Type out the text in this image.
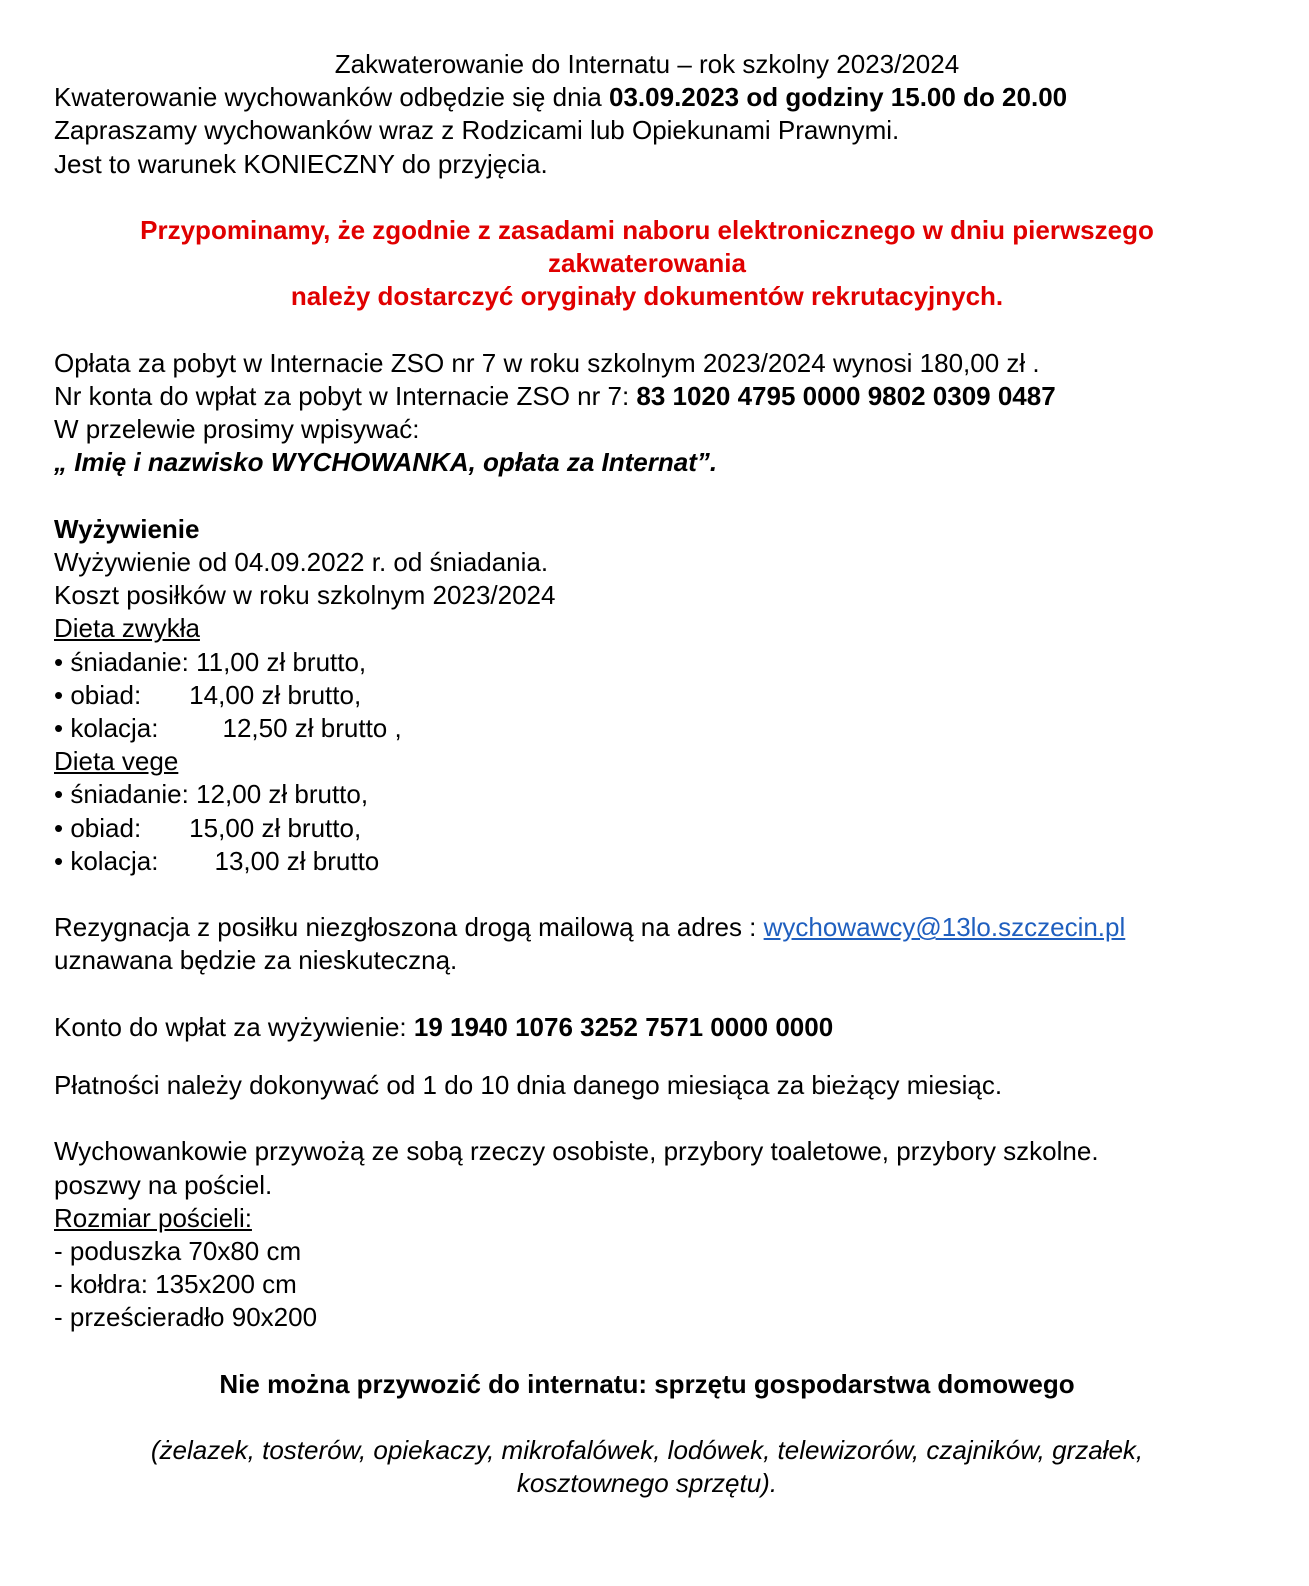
Zakwaterowanie do Internatu – rok szkolny 2023/2024
Kwaterowanie wychowanków odbędzie się dnia 03.09.2023 od godziny 15.00 do 20.00
Zapraszamy wychowanków wraz z Rodzicami lub Opiekunami Prawnymi.
Jest to warunek KONIECZNY do przyjęcia.
Przypominamy, że zgodnie z zasadami naboru elektronicznego w dniu pierwszego
zakwaterowania
należy dostarczyć oryginały dokumentów rekrutacyjnych.
Opłata za pobyt w Internacie ZSO nr 7 w roku szkolnym 2023/2024 wynosi 180,00 zł .
Nr konta do wpłat za pobyt w Internacie ZSO nr 7: 83 1020 4795 0000 9802 0309 0487
W przelewie prosimy wpisywać:
„ Imię i nazwisko WYCHOWANKA, opłata za Internat”.
Wyżywienie
Wyżywienie od 04.09.2022 r. od śniadania.
Koszt posiłków w roku szkolnym 2023/2024
Dieta zwykła
• śniadanie: 11,00 zł brutto,
• obiad: 14,00 zł brutto,
• kolacja: 12,50 zł brutto ,
Dieta vege
• śniadanie: 12,00 zł brutto,
• obiad: 15,00 zł brutto,
• kolacja: 13,00 zł brutto
Rezygnacja z posiłku niezgłoszona drogą mailową na adres : wychowawcy@13lo.szczecin.pl
uznawana będzie za nieskuteczną.
Konto do wpłat za wyżywienie: 19 1940 1076 3252 7571 0000 0000
Płatności należy dokonywać od 1 do 10 dnia danego miesiąca za bieżący miesiąc.
Wychowankowie przywożą ze sobą rzeczy osobiste, przybory toaletowe, przybory szkolne.
poszwy na pościel.
Rozmiar pościeli:
- poduszka 70x80 cm
- kołdra: 135x200 cm
- prześcieradło 90x200
Nie można przywozić do internatu: sprzętu gospodarstwa domowego
(żelazek, tosterów, opiekaczy, mikrofalówek, lodówek, telewizorów, czajników, grzałek,
kosztownego sprzętu).
